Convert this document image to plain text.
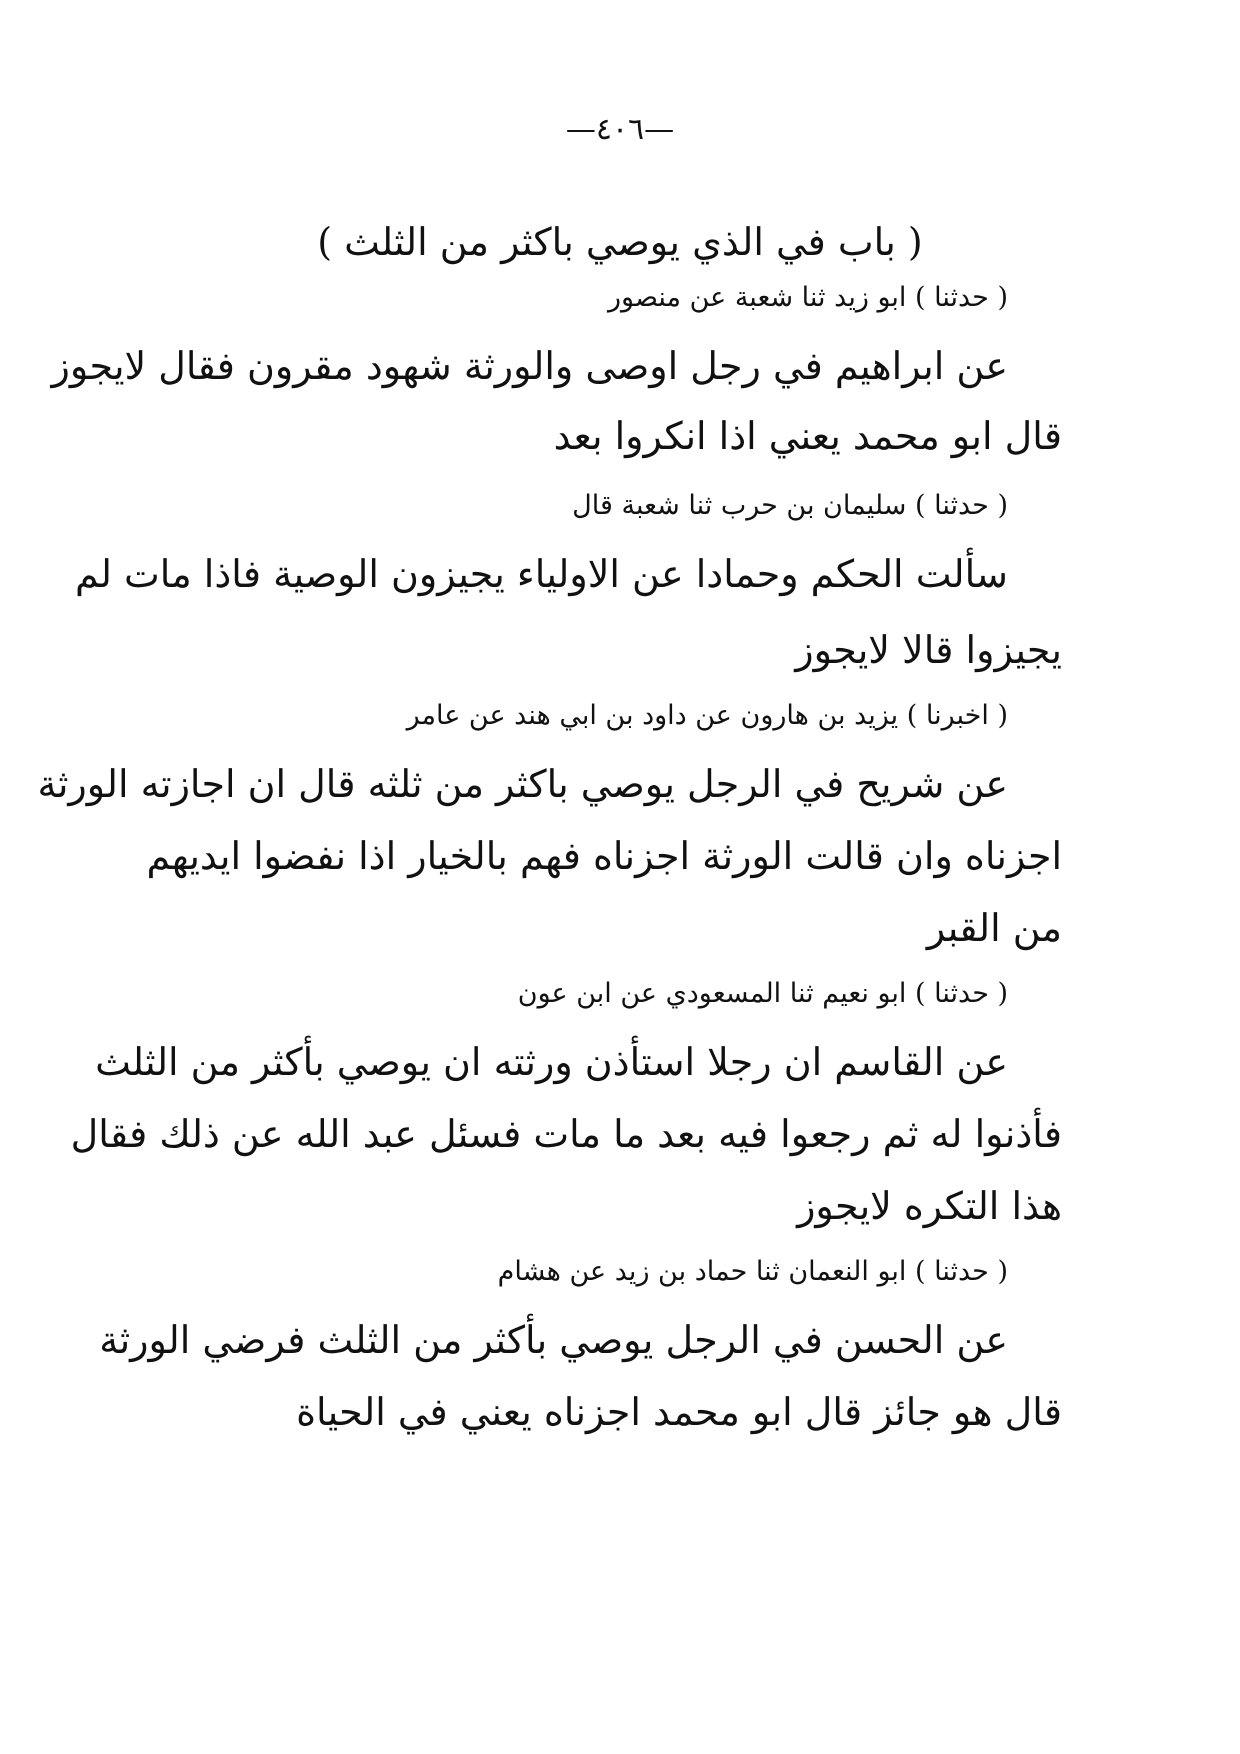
—٤٠٦—
( باب في الذي يوصي باكثر من الثلث )
( حدثنا ) ابو زيد ثنا شعبة عن منصور
عن ابراهيم في رجل اوصى والورثة شهود مقرون فقال لايجوز
قال ابو محمد يعني اذا انكروا بعد
( حدثنا ) سليمان بن حرب ثنا شعبة قال
سألت الحكم وحمادا عن الاولياء يجيزون الوصية فاذا مات لم
يجيزوا قالا لايجوز
( اخبرنا ) يزيد بن هارون عن داود بن ابي هند عن عامر
عن شريح في الرجل يوصي باكثر من ثلثه قال ان اجازته الورثة
اجزناه وان قالت الورثة اجزناه فهم بالخيار اذا نفضوا ايديهم
من القبر
( حدثنا ) ابو نعيم ثنا المسعودي عن ابن عون
عن القاسم ان رجلا استأذن ورثته ان يوصي بأكثر من الثلث
فأذنوا له ثم رجعوا فيه بعد ما مات فسئل عبد الله عن ذلك فقال
هذا التكره لايجوز
( حدثنا ) ابو النعمان ثنا حماد بن زيد عن هشام
عن الحسن في الرجل يوصي بأكثر من الثلث فرضي الورثة
قال هو جائز قال ابو محمد اجزناه يعني في الحياة
